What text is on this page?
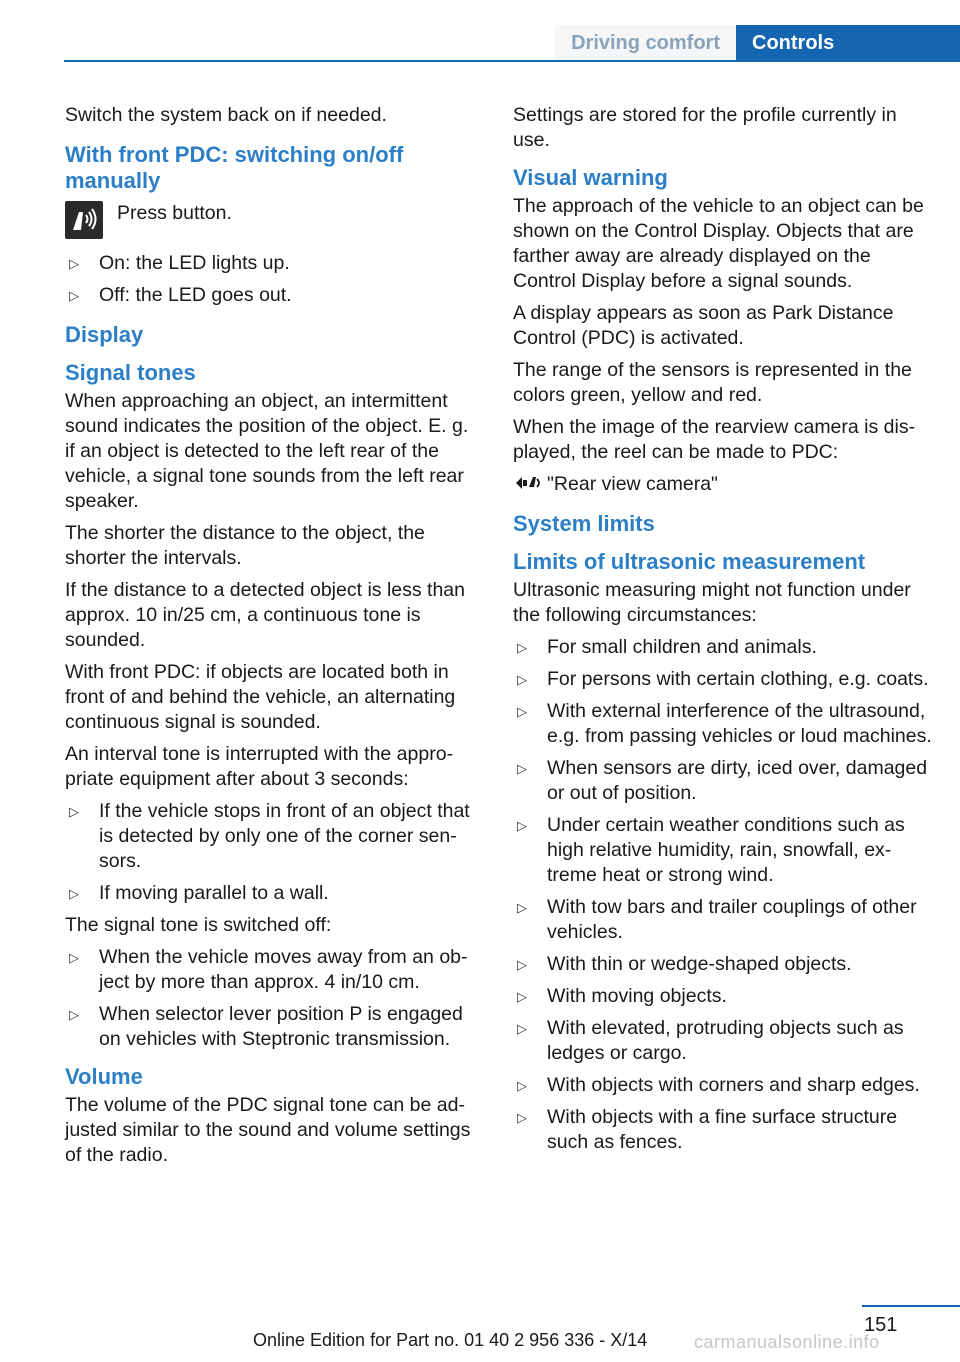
Driving comfort	Controls

Switch the system back on if needed.

With front PDC: switching on/off manually
Press button.
▷ On: the LED lights up.
▷ Off: the LED goes out.
Display
Signal tones

When approaching an object, an intermittent sound indicates the position of the object. E. g. if an object is detected to the left rear of the vehicle, a signal tone sounds from the left rear speaker.

The shorter the distance to the object, the shorter the intervals.

If the distance to a detected object is less than approx. 10 in/25 cm, a continuous tone is sounded.

With front PDC: if objects are located both in front of and behind the vehicle, an alternating continuous signal is sounded.

An interval tone is interrupted with the appropriate equipment after about 3 seconds:

▷ If the vehicle stops in front of an object that is detected by only one of the corner sensors.
▷ If moving parallel to a wall.

The signal tone is switched off:

▷ When the vehicle moves away from an object by more than approx. 4 in/10 cm.
▷ When selector lever position P is engaged on vehicles with Steptronic transmission.
Volume

The volume of the PDC signal tone can be adjusted similar to the sound and volume settings of the radio.

Settings are stored for the profile currently in use.

Visual warning

The approach of the vehicle to an object can be shown on the Control Display. Objects that are farther away are already displayed on the Control Display before a signal sounds.

A display appears as soon as Park Distance Control (PDC) is activated.

The range of the sensors is represented in the colors green, yellow and red.

When the image of the rearview camera is displayed, the reel can be made to PDC:

"Rear view camera"
System limits
Limits of ultrasonic measurement

Ultrasonic measuring might not function under the following circumstances:

▷ For small children and animals.
▷ For persons with certain clothing, e.g. coats.
▷ With external interference of the ultrasound, e.g. from passing vehicles or loud machines.
▷ When sensors are dirty, iced over, damaged or out of position.
▷ Under certain weather conditions such as high relative humidity, rain, snowfall, extreme heat or strong wind.
▷ With tow bars and trailer couplings of other vehicles.
▷ With thin or wedge-shaped objects.
▷ With moving objects.
▷ With elevated, protruding objects such as ledges or cargo.
▷ With objects with corners and sharp edges.
▷ With objects with a fine surface structure such as fences.
151
Online Edition for Part no. 01 40 2 956 336 - X/14	carmanualsonline.info
